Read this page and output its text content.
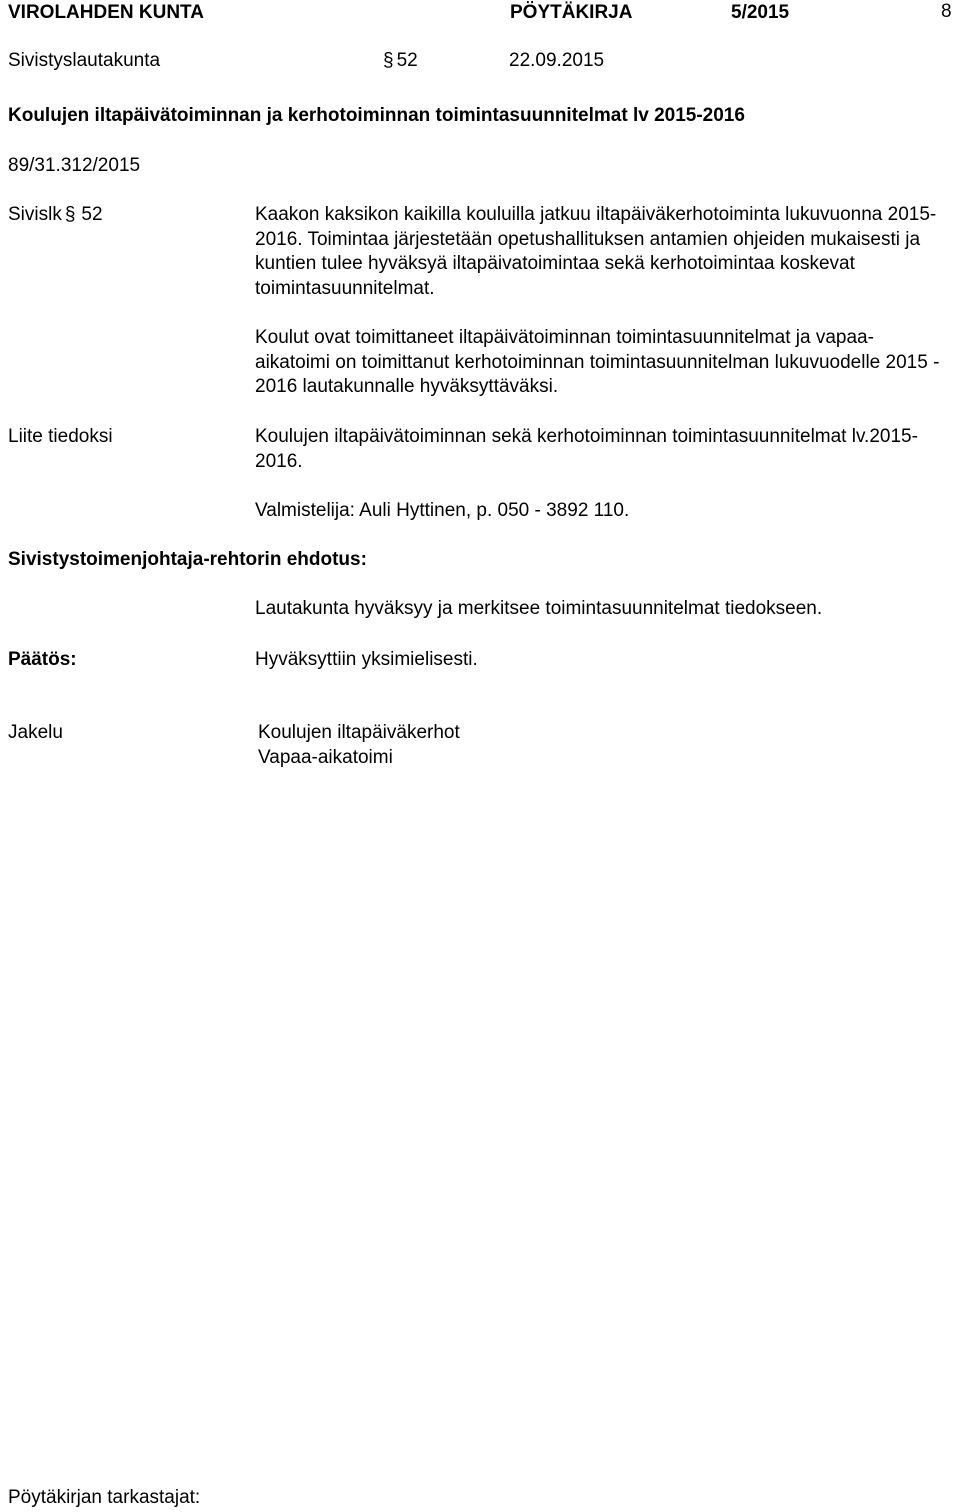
VIROLAHDEN KUNTA	PÖYTÄKIRJA	5/2015	8
Sivistyslautakunta	§ 52	22.09.2015
Koulujen iltapäivätoiminnan ja kerhotoiminnan toimintasuunnitelmat lv 2015-2016
89/31.312/2015
Sivislk § 52	Kaakon kaksikon kaikilla kouluilla jatkuu iltapäiväkerhotoiminta lukuvuonna 2015-2016. Toimintaa järjestetään opetushallituksen antamien ohjeiden mukaisesti ja kuntien tulee hyväksyä iltapäivatoimintaa sekä kerhotoimintaa koskevat toimintasuunnitelmat.

Koulut ovat toimittaneet iltapäivätoiminnan toimintasuunnitelmat ja vapaa-aikatoimi on toimittanut kerhotoiminnan toimintasuunnitelman lukuvuodelle 2015 - 2016 lautakunnalle hyväksyttäväksi.

Liite tiedoksi	Koulujen iltapäivätoiminnan sekä kerhotoiminnan toimintasuunnitelmat lv.2015-2016.
Valmistelija: Auli Hyttinen, p. 050 - 3892 110.
Sivistystoimenjohtaja-rehtorin ehdotus:
Lautakunta hyväksyy ja merkitsee toimintasuunnitelmat tiedokseen.
Päätös:	Hyväksyttiin yksimielisesti.
Jakelu	Koulujen iltapäiväkerhot
Vapaa-aikatoimi
Pöytäkirjan tarkastajat:
